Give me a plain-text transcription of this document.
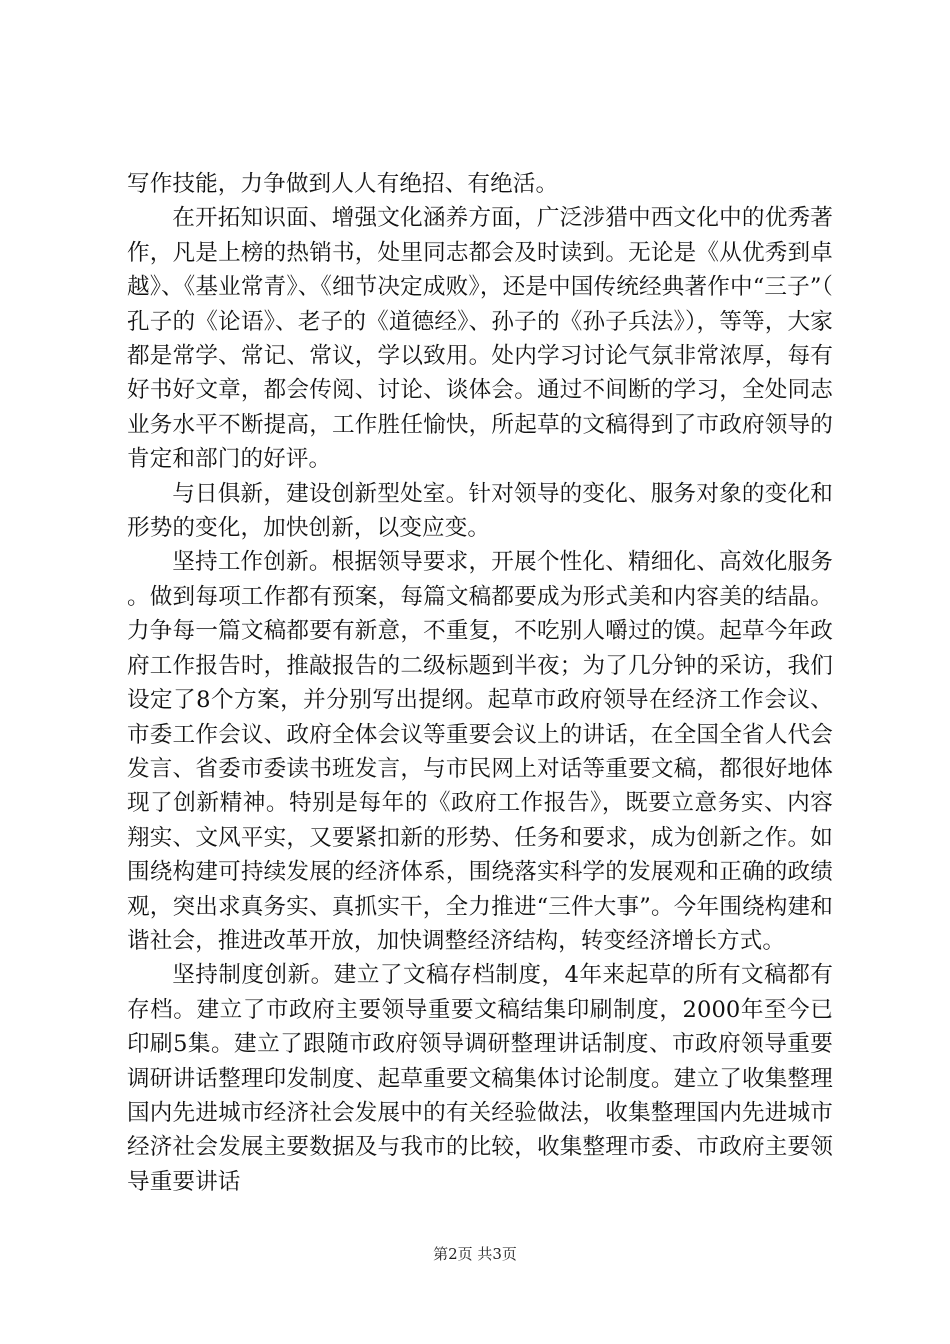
写作技能，力争做到人人有绝招、有绝活。

在开拓知识面、增强文化涵养方面，广泛涉猎中西文化中的优秀著作，凡是上榜的热销书，处里同志都会及时读到。无论是《从优秀到卓越》、《基业常青》、《细节决定成败》，还是中国传统经典著作中“三子”（孔子的《论语》、老子的《道德经》、孙子的《孙子兵法》），等等，大家都是常学、常记、常议，学以致用。处内学习讨论气氛非常浓厚，每有好书好文章，都会传阅、讨论、谈体会。通过不间断的学习，全处同志业务水平不断提高，工作胜任愉快，所起草的文稿得到了市政府领导的肯定和部门的好评。

与日俱新，建设创新型处室。针对领导的变化、服务对象的变化和形势的变化，加快创新，以变应变。

坚持工作创新。根据领导要求，开展个性化、精细化、高效化服务。做到每项工作都有预案，每篇文稿都要成为形式美和内容美的结晶。力争每一篇文稿都要有新意，不重复，不吃别人嚼过的馍。起草今年政府工作报告时，推敲报告的二级标题到半夜；为了几分钟的采访，我们设定了8个方案，并分别写出提纲。起草市政府领导在经济工作会议、市委工作会议、政府全体会议等重要会议上的讲话，在全国全省人代会发言、省委市委读书班发言，与市民网上对话等重要文稿，都很好地体现了创新精神。特别是每年的《政府工作报告》，既要立意务实、内容翔实、文风平实，又要紧扣新的形势、任务和要求，成为创新之作。如围绕构建可持续发展的经济体系，围绕落实科学的发展观和正确的政绩观，突出求真务实、真抓实干，全力推进“三件大事”。今年围绕构建和谐社会，推进改革开放，加快调整经济结构，转变经济增长方式。

坚持制度创新。建立了文稿存档制度，4年来起草的所有文稿都有存档。建立了市政府主要领导重要文稿结集印刷制度，2000年至今已印刷5集。建立了跟随市政府领导调研整理讲话制度、市政府领导重要调研讲话整理印发制度、起草重要文稿集体讨论制度。建立了收集整理国内先进城市经济社会发展中的有关经验做法，收集整理国内先进城市经济社会发展主要数据及与我市的比较，收集整理市委、市政府主要领导重要讲话

第2页 共3页
